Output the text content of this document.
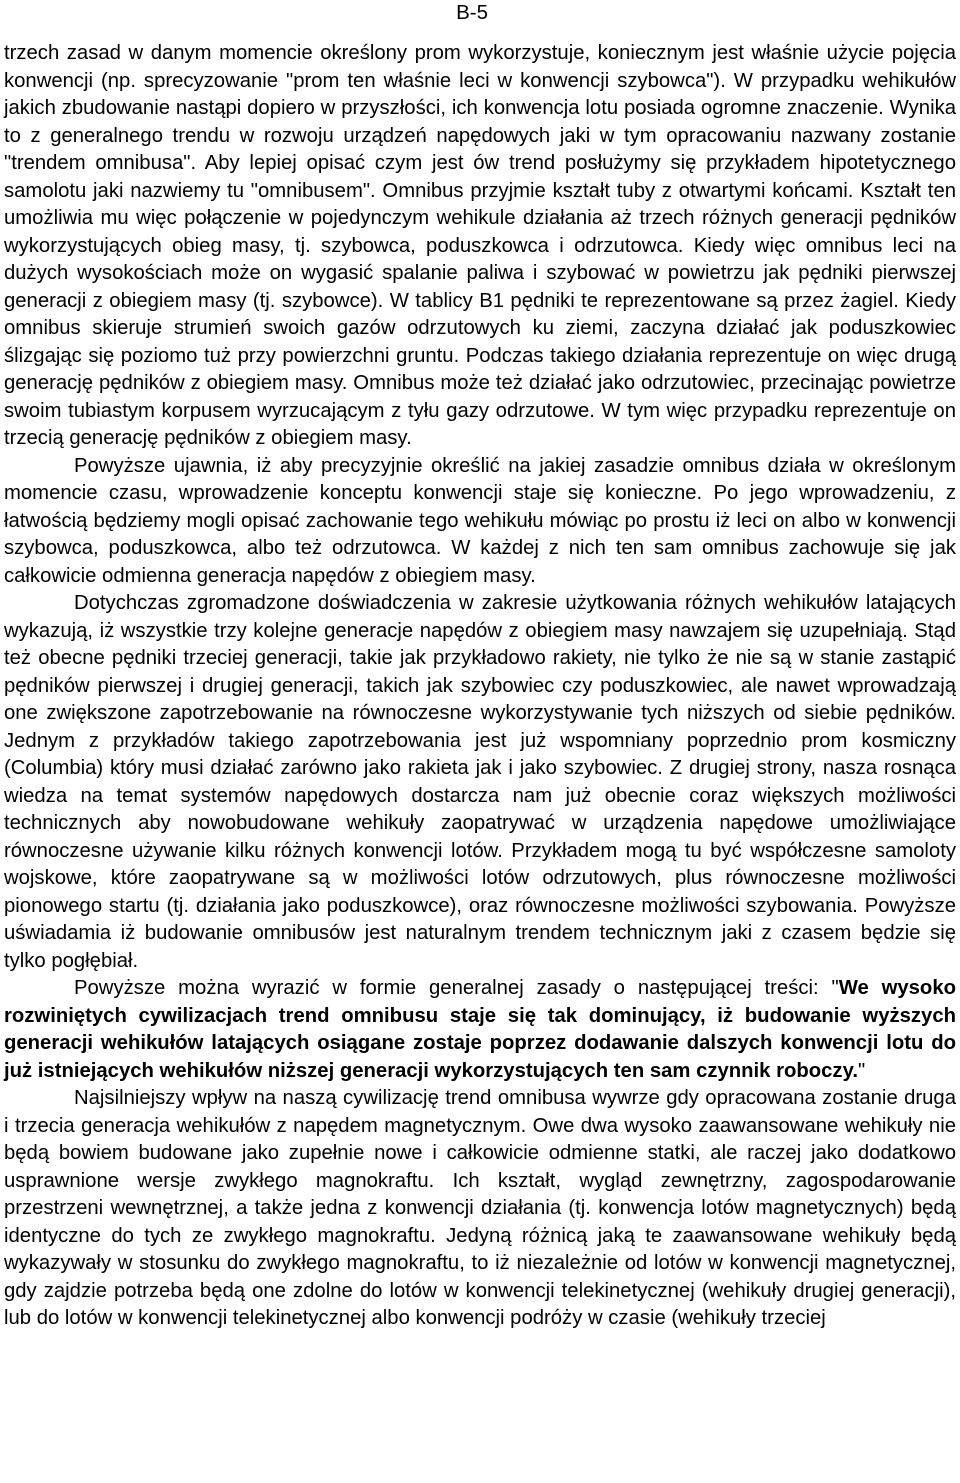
B-5

trzech zasad w danym momencie określony prom wykorzystuje, koniecznym jest właśnie użycie pojęcia konwencji (np. sprecyzowanie "prom ten właśnie leci w konwencji szybowca"). W przypadku wehikułów jakich zbudowanie nastąpi dopiero w przyszłości, ich konwencja lotu posiada ogromne znaczenie. Wynika to z generalnego trendu w rozwoju urządzeń napędowych jaki w tym opracowaniu nazwany zostanie "trendem omnibusa". Aby lepiej opisać czym jest ów trend posłużymy się przykładem hipotetycznego samolotu jaki nazwiemy tu "omnibusem". Omnibus przyjmie kształt tuby z otwartymi końcami. Kształt ten umożliwia mu więc połączenie w pojedynczym wehikule działania aż trzech różnych generacji pędników wykorzystujących obieg masy, tj. szybowca, poduszkowca i odrzutowca. Kiedy więc omnibus leci na dużych wysokościach może on wygasić spalanie paliwa i szybować w powietrzu jak pędniki pierwszej generacji z obiegiem masy (tj. szybowce). W tablicy B1 pędniki te reprezentowane są przez żagiel. Kiedy omnibus skieruje strumień swoich gazów odrzutowych ku ziemi, zaczyna działać jak poduszkowiec ślizgając się poziomo tuż przy powierzchni gruntu. Podczas takiego działania reprezentuje on więc drugą generację pędników z obiegiem masy. Omnibus może też działać jako odrzutowiec, przecinając powietrze swoim tubiastym korpusem wyrzucającym z tyłu gazy odrzutowe. W tym więc przypadku reprezentuje on trzecią generację pędników z obiegiem masy.

Powyższe ujawnia, iż aby precyzyjnie określić na jakiej zasadzie omnibus działa w określonym momencie czasu, wprowadzenie konceptu konwencji staje się konieczne. Po jego wprowadzeniu, z łatwością będziemy mogli opisać zachowanie tego wehikułu mówiąc po prostu iż leci on albo w konwencji szybowca, poduszkowca, albo też odrzutowca. W każdej z nich ten sam omnibus zachowuje się jak całkowicie odmienna generacja napędów z obiegiem masy.

Dotychczas zgromadzone doświadczenia w zakresie użytkowania różnych wehikułów latających wykazują, iż wszystkie trzy kolejne generacje napędów z obiegiem masy nawzajem się uzupełniają. Stąd też obecne pędniki trzeciej generacji, takie jak przykładowo rakiety, nie tylko że nie są w stanie zastąpić pędników pierwszej i drugiej generacji, takich jak szybowiec czy poduszkowiec, ale nawet wprowadzają one zwiększone zapotrzebowanie na równoczesne wykorzystywanie tych niższych od siebie pędników. Jednym z przykładów takiego zapotrzebowania jest już wspomniany poprzednio prom kosmiczny (Columbia) który musi działać zarówno jako rakieta jak i jako szybowiec. Z drugiej strony, nasza rosnąca wiedza na temat systemów napędowych dostarcza nam już obecnie coraz większych możliwości technicznych aby nowobudowane wehikuły zaopatrywać w urządzenia napędowe umożliwiające równoczesne używanie kilku różnych konwencji lotów. Przykładem mogą tu być współczesne samoloty wojskowe, które zaopatrywane są w możliwości lotów odrzutowych, plus równoczesne możliwości pionowego startu (tj. działania jako poduszkowce), oraz równoczesne możliwości szybowania. Powyższe uświadamia iż budowanie omnibusów jest naturalnym trendem technicznym jaki z czasem będzie się tylko pogłębiał.

Powyższe można wyrazić w formie generalnej zasady o następującej treści: "We wysoko rozwiniętych cywilizacjach trend omnibusu staje się tak dominujący, iż budowanie wyższych generacji wehikułów latających osiągane zostaje poprzez dodawanie dalszych konwencji lotu do już istniejących wehikułów niższej generacji wykorzystujących ten sam czynnik roboczy."

Najsilniejszy wpływ na naszą cywilizację trend omnibusa wywrze gdy opracowana zostanie druga i trzecia generacja wehikułów z napędem magnetycznym. Owe dwa wysoko zaawansowane wehikuły nie będą bowiem budowane jako zupełnie nowe i całkowicie odmienne statki, ale raczej jako dodatkowo usprawnione wersje zwykłego magnokraftu. Ich kształt, wygląd zewnętrzny, zagospodarowanie przestrzeni wewnętrznej, a także jedna z konwencji działania (tj. konwencja lotów magnetycznych) będą identyczne do tych ze zwykłego magnokraftu. Jedyną różnicą jaką te zaawansowane wehikuły będą wykazywały w stosunku do zwykłego magnokraftu, to iż niezależnie od lotów w konwencji magnetycznej, gdy zajdzie potrzeba będą one zdolne do lotów w konwencji telekinetycznej (wehikuły drugiej generacji), lub do lotów w konwencji telekinetycznej albo konwencji podróży w czasie (wehikuły trzeciej
